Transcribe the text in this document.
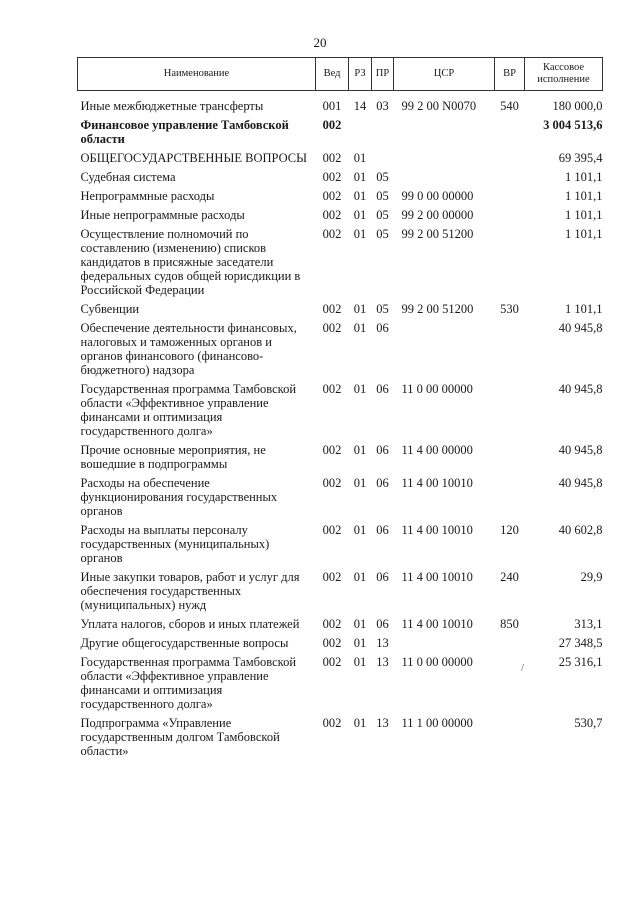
20
Наименование	Вед	РЗ	ПР	ЦСР	ВР	Кассовое исполнение

Иные межбюджетные трансферты	001	14	03	99 2 00 N0070	540	180 000,0
Финансовое управление Тамбовской области	002					3 004 513,6
ОБЩЕГОСУДАРСТВЕННЫЕ ВОПРОСЫ	002	01				69 395,4
Судебная система	002	01	05			1 101,1
Непрограммные расходы	002	01	05	99 0 00 00000		1 101,1
Иные непрограммные расходы	002	01	05	99 2 00 00000		1 101,1
Осуществление полномочий по составлению (изменению) списков кандидатов в присяжные заседатели федеральных судов общей юрисдикции в Российской Федерации	002	01	05	99 2 00 51200		1 101,1
Субвенции	002	01	05	99 2 00 51200	530	1 101,1
Обеспечение деятельности финансовых, налоговых и таможенных органов и органов финансового (финансово-бюджетного) надзора	002	01	06			40 945,8
Государственная программа Тамбовской области «Эффективное управление финансами и оптимизация государственного долга»	002	01	06	11 0 00 00000		40 945,8
Прочие основные мероприятия, не вошедшие в подпрограммы	002	01	06	11 4 00 00000		40 945,8
Расходы на обеспечение функционирования государственных органов	002	01	06	11 4 00 10010		40 945,8
Расходы на выплаты персоналу государственных (муниципальных) органов	002	01	06	11 4 00 10010	120	40 602,8
Иные закупки товаров, работ и услуг для обеспечения государственных (муниципальных) нужд	002	01	06	11 4 00 10010	240	29,9
Уплата налогов, сборов и иных платежей	002	01	06	11 4 00 10010	850	313,1
Другие общегосударственные вопросы	002	01	13			27 348,5
Государственная программа Тамбовской области «Эффективное управление финансами и оптимизация государственного долга»	002	01	13	11 0 00 00000		25 316,1
Подпрограмма «Управление государственным долгом Тамбовской области»	002	01	13	11 1 00 00000		530,7
/
